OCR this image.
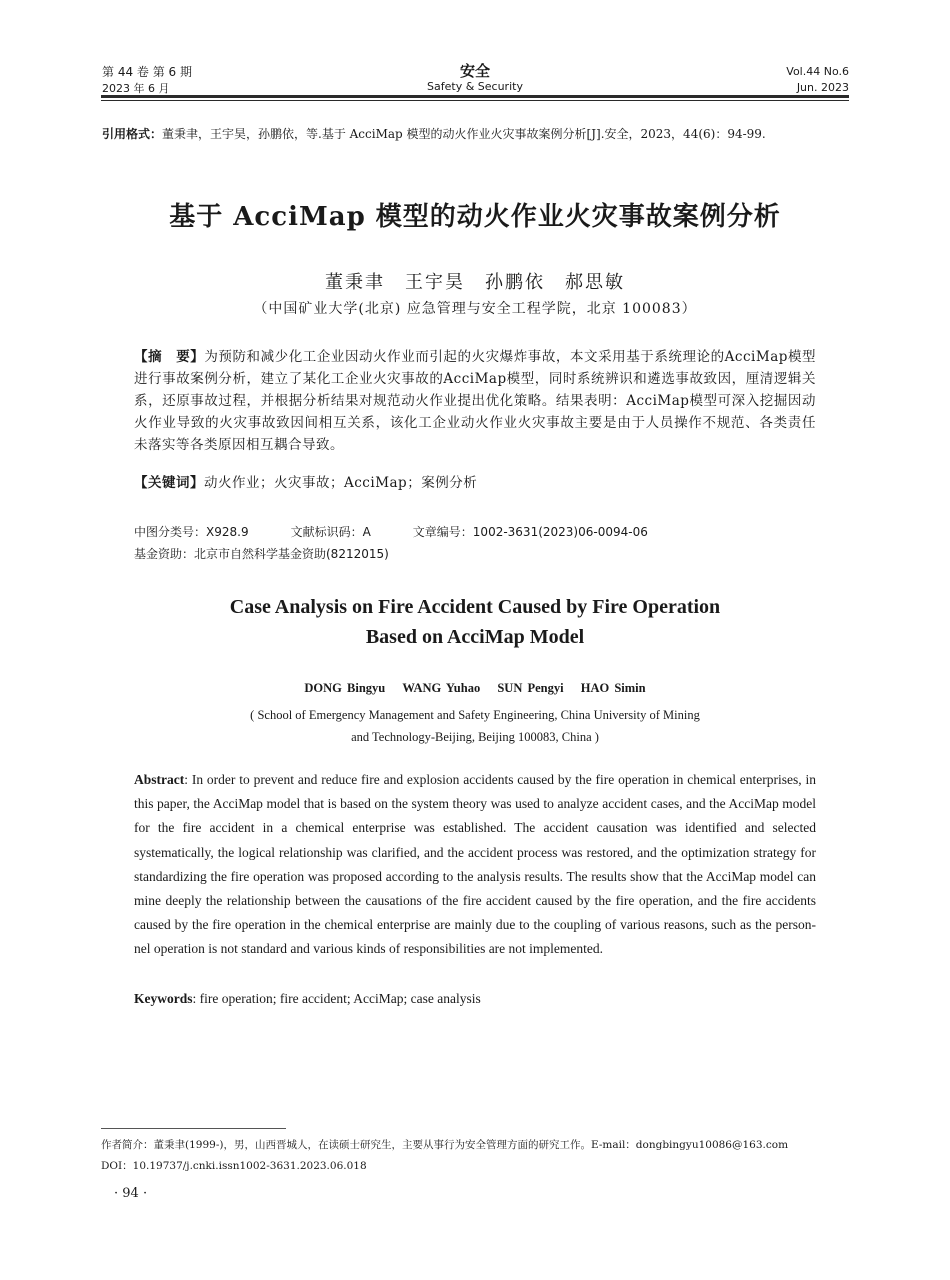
第 44 卷 第 6 期
2023 年 6 月
安全
Safety & Security
Vol.44 No.6
Jun. 2023
引用格式：董秉聿，王宇昊，孙鹏依，等.基于 AcciMap 模型的动火作业火灾事故案例分析[J].安全，2023，44(6)：94-99.
基于 AcciMap 模型的动火作业火灾事故案例分析
董秉聿　王宇昊　孙鹏依　郝思敏
（中国矿业大学(北京) 应急管理与安全工程学院，北京 100083）
【摘　要】为预防和减少化工企业因动火作业而引起的火灾爆炸事故，本文采用基于系统理论的AcciMap模型进行事故案例分析，建立了某化工企业火灾事故的AcciMap模型，同时系统辨识和遴选事故致因，厘清逻辑关系，还原事故过程，并根据分析结果对规范动火作业提出优化策略。结果表明：AcciMap模型可深入挖掘因动火作业导致的火灾事故致因间相互关系，该化工企业动火作业火灾事故主要是由于人员操作不规范、各类责任未落实等各类原因相互耦合导致。
【关键词】动火作业；火灾事故；AcciMap；案例分析
中图分类号：X928.9	文献标识码：A	文章编号：1002-3631(2023)06-0094-06
基金资助：北京市自然科学基金资助(8212015)
Case Analysis on Fire Accident Caused by Fire Operation
Based on AcciMap Model
DONG Bingyu WANG Yuhao SUN Pengyi HAO Simin
( School of Emergency Management and Safety Engineering, China University of Mining
and Technology-Beijing, Beijing 100083, China )
Abstract: In order to prevent and reduce fire and explosion accidents caused by the fire operation in chemical enterprises, in this paper, the AcciMap model that is based on the system theory was used to analyze accident cases, and the AcciMap model for the fire accident in a chemical enterprise was established. The accident causation was identified and selected systematically, the logical relationship was clarified, and the accident process was restored, and the optimization strategy for standardizing the fire operation was proposed according to the analysis results. The results show that the AcciMap model can mine deeply the relationship between the causations of the fire accident caused by the fire operation, and the fire accidents caused by the fire operation in the chemical enterprise are mainly due to the coupling of various reasons, such as the person-nel operation is not standard and various kinds of responsibilities are not implemented.
Keywords: fire operation; fire accident; AcciMap; case analysis
作者简介：董秉聿(1999-)，男，山西晋城人，在读硕士研究生，主要从事行为安全管理方面的研究工作。E-mail：dongbingyu10086@163.com
DOI：10.19737/j.cnki.issn1002-3631.2023.06.018
· 94 ·
